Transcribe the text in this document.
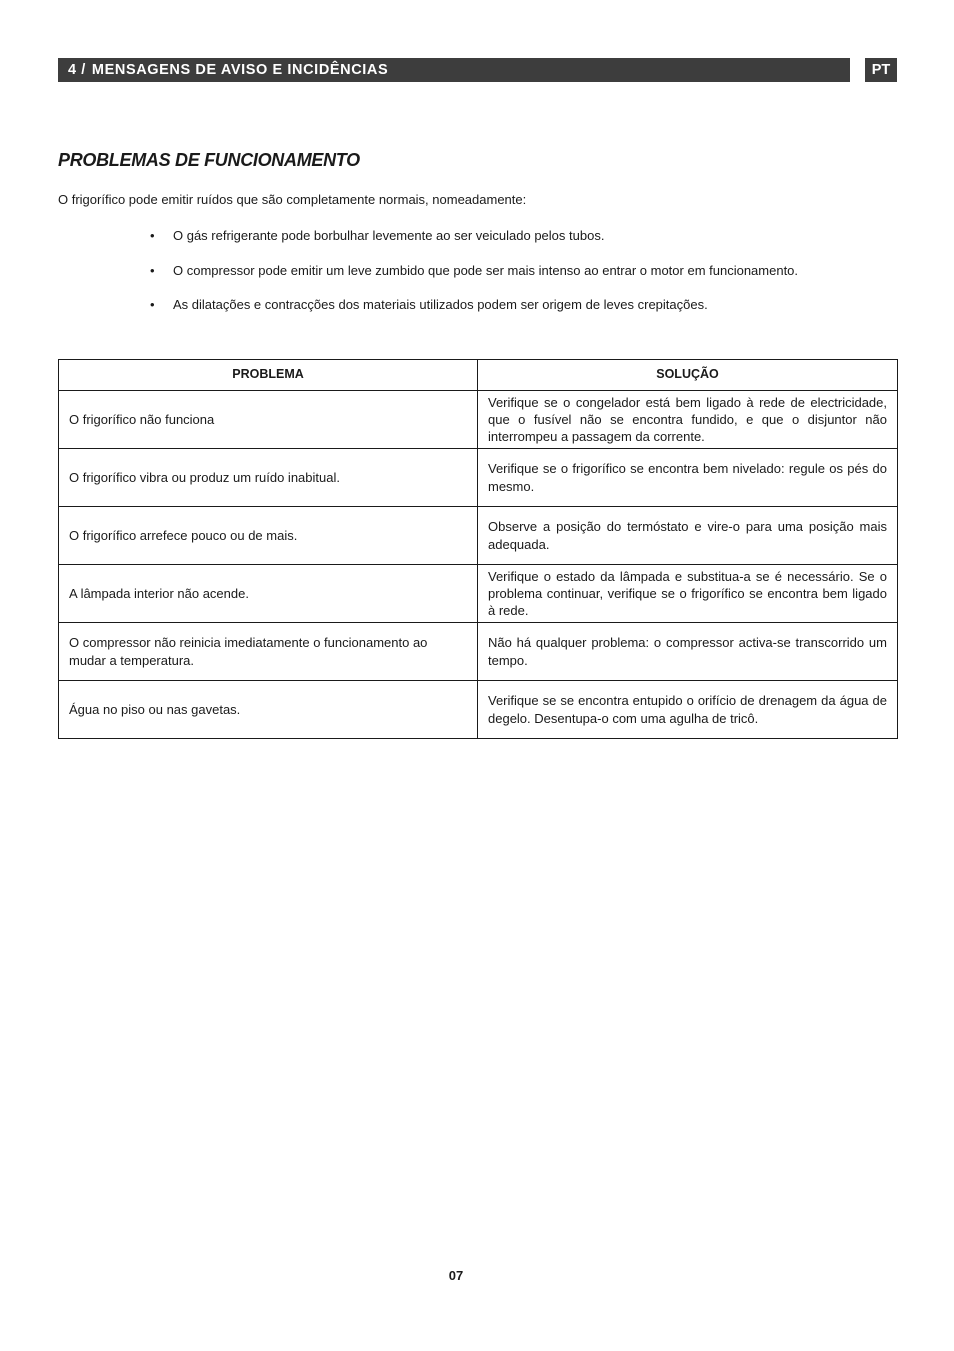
4 / MENSAGENS DE AVISO E INCIDÊNCIAS	PT
PROBLEMAS DE FUNCIONAMENTO

O frigorífico pode emitir ruídos que são completamente normais, nomeadamente:

• O gás refrigerante pode borbulhar levemente ao ser veiculado pelos tubos.
• O compressor pode emitir um leve zumbido que pode ser mais intenso ao entrar o motor em funcionamento.
• As dilatações e contracções dos materiais utilizados podem ser origem de leves crepitações.
PROBLEMA	SOLUÇÃO
O frigorífico não funciona	Verifique se o congelador está bem ligado à rede de electricidade, que o fusível não se encontra fundido, e que o disjuntor não interrompeu a passagem da corrente.
O frigorífico vibra ou produz um ruído inabitual.	Verifique se o frigorífico se encontra bem nivelado: regule os pés do mesmo.
O frigorífico arrefece pouco ou de mais.	Observe a posição do termóstato e vire-o para uma posição mais adequada.
A lâmpada interior não acende.	Verifique o estado da lâmpada e substitua-a se é necessário. Se o problema continuar, verifique se o frigorífico se encontra bem ligado à rede.
O compressor não reinicia imediatamente o funcionamento ao mudar a temperatura.	Não há qualquer problema: o compressor activa-se transcorrido um tempo.
Água no piso ou nas gavetas.	Verifique se se encontra entupido o orifício de drenagem da água de degelo. Desentupa-o com uma agulha de tricô.
07
